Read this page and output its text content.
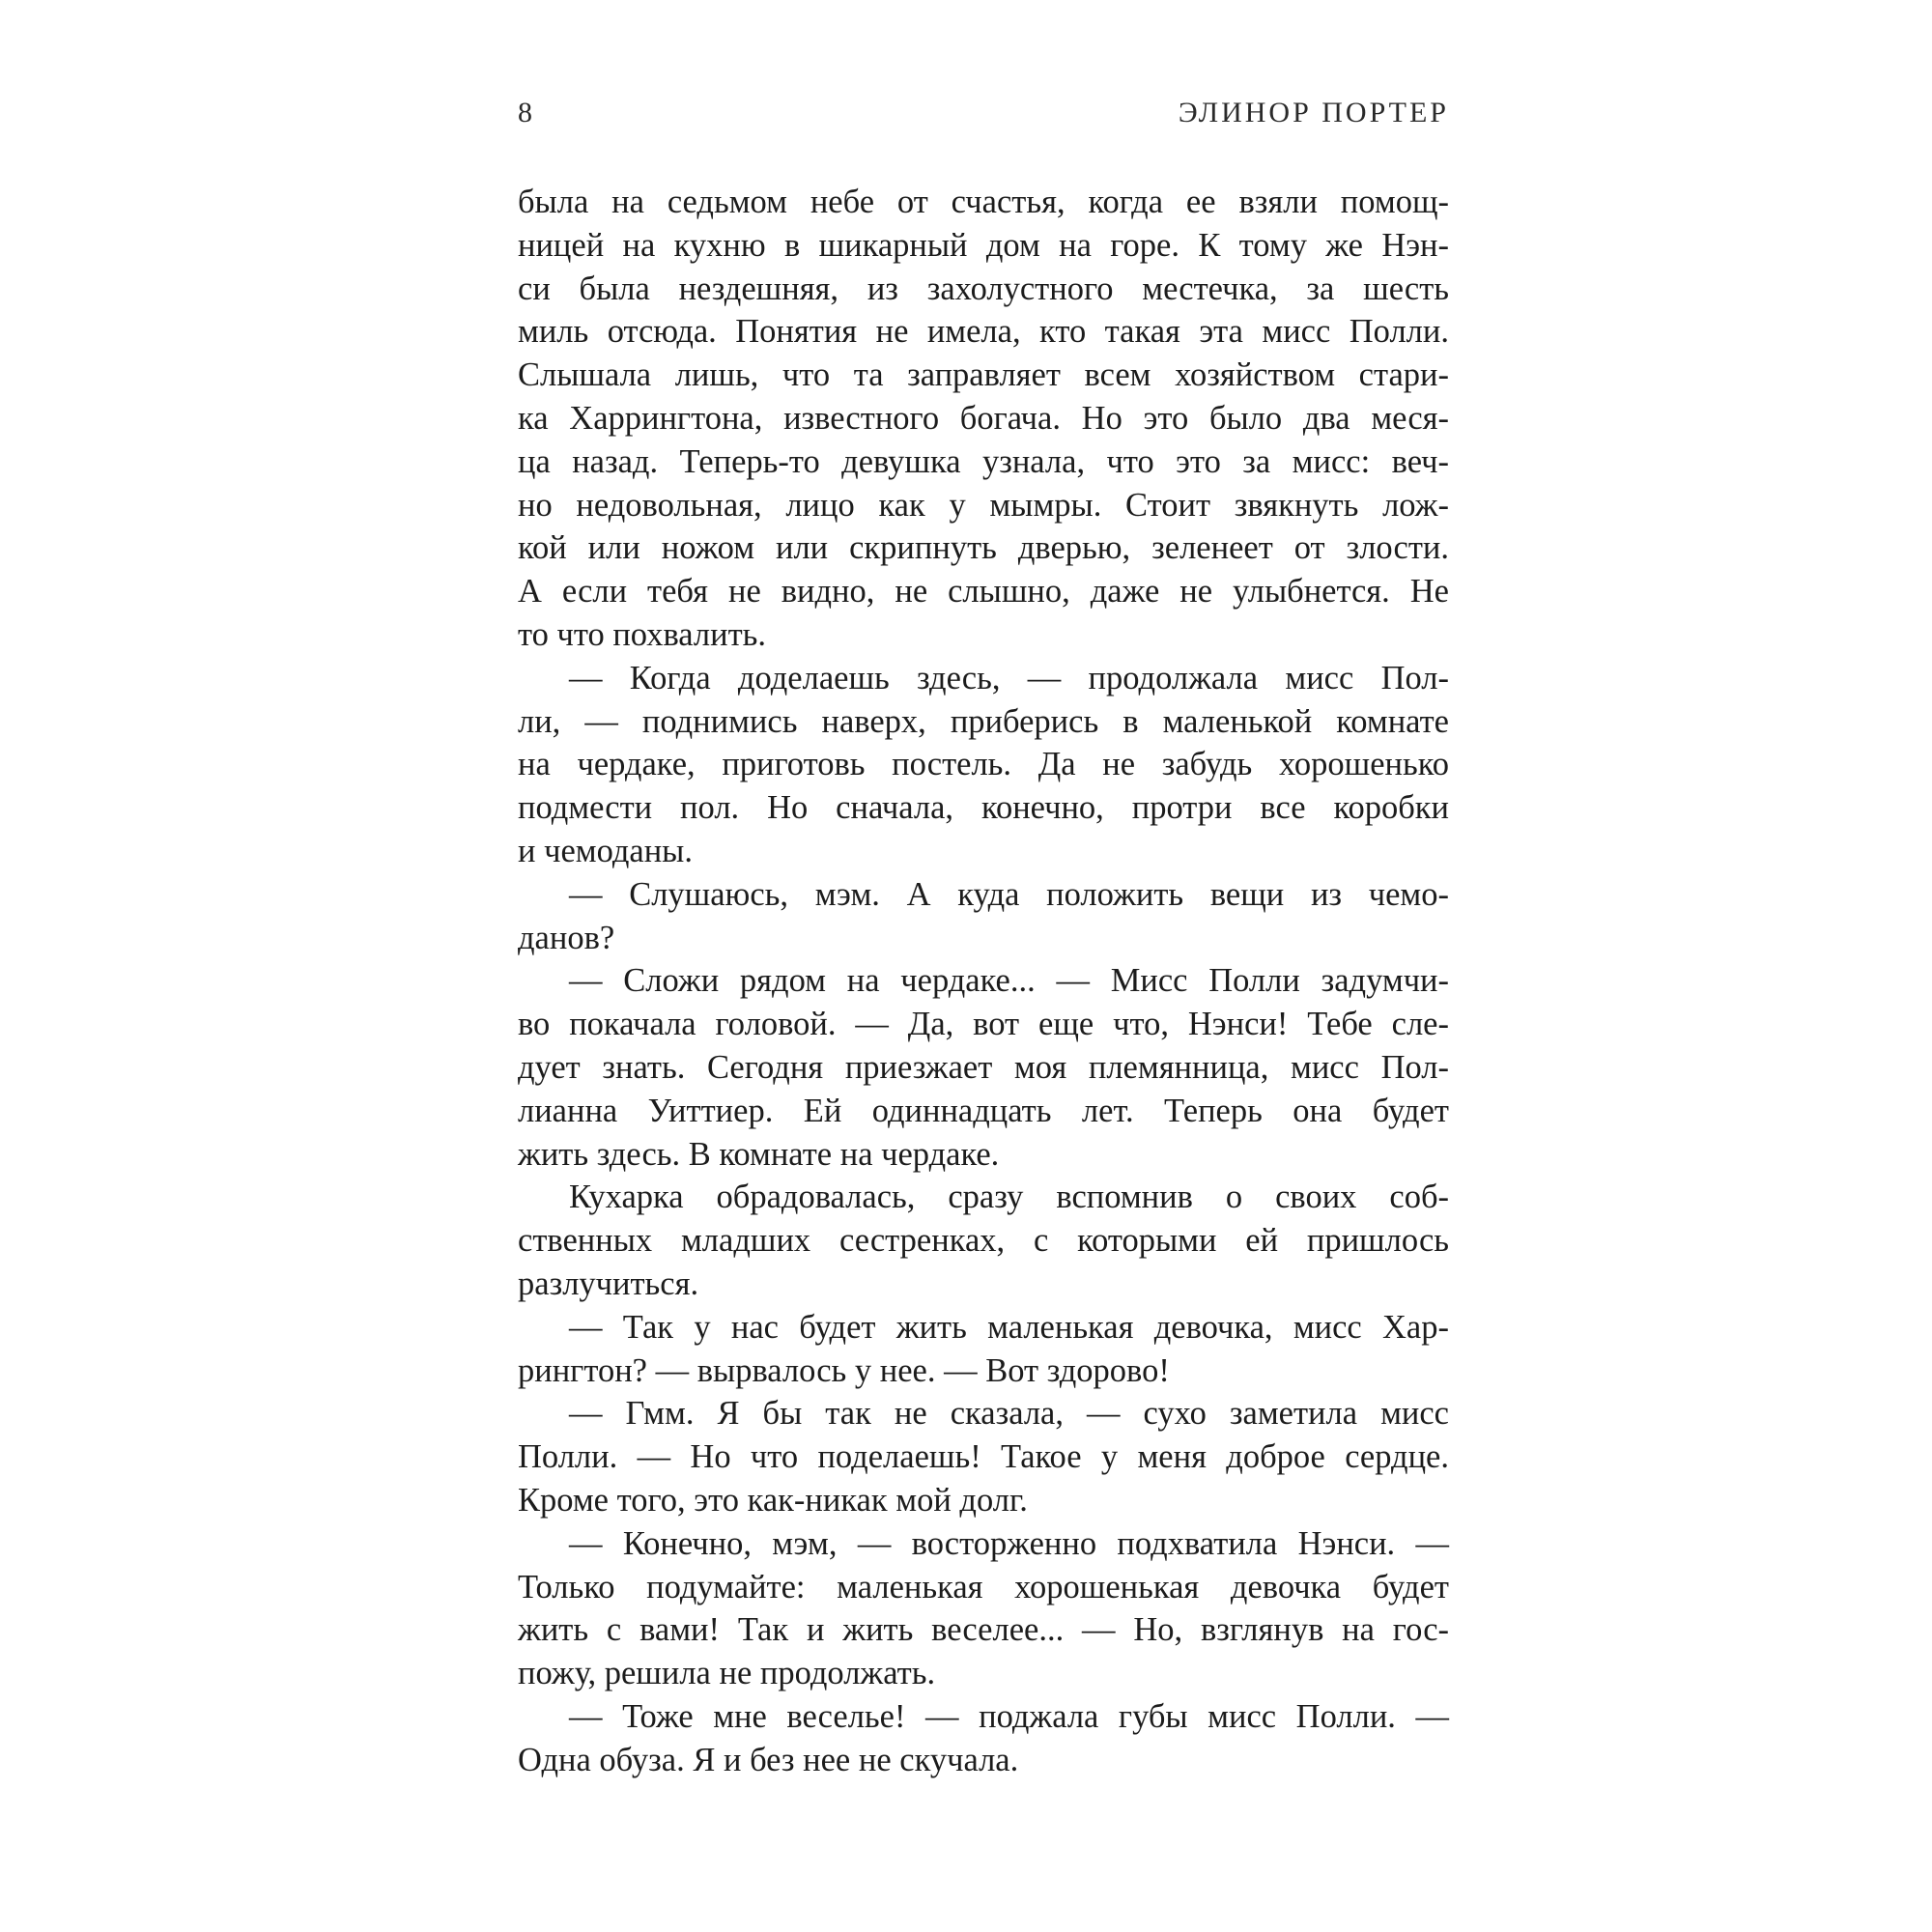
8	ЭЛИНОР ПОРТЕР
была на седьмом небе от счастья, когда ее взяли помощ-
ницей на кухню в шикарный дом на горе. К тому же Нэн-
си была нездешняя, из захолустного местечка, за шесть
миль отсюда. Понятия не имела, кто такая эта мисс Полли.
Слышала лишь, что та заправляет всем хозяйством стари-
ка Харрингтона, известного богача. Но это было два меся-
ца назад. Теперь-то девушка узнала, что это за мисс: веч-
но недовольная, лицо как у мымры. Стоит звякнуть лож-
кой или ножом или скрипнуть дверью, зеленеет от злости.
А если тебя не видно, не слышно, даже не улыбнется. Не
то что похвалить.
— Когда доделаешь здесь, — продолжала мисс Пол-
ли, — поднимись наверх, приберись в маленькой комнате
на чердаке, приготовь постель. Да не забудь хорошенько
подмести пол. Но сначала, конечно, протри все коробки
и чемоданы.
— Слушаюсь, мэм. А куда положить вещи из чемо-
данов?
— Сложи рядом на чердаке... — Мисс Полли задумчи-
во покачала головой. — Да, вот еще что, Нэнси! Тебе сле-
дует знать. Сегодня приезжает моя племянница, мисс Пол-
лианна Уиттиер. Ей одиннадцать лет. Теперь она будет
жить здесь. В комнате на чердаке.
Кухарка обрадовалась, сразу вспомнив о своих соб-
ственных младших сестренках, с которыми ей пришлось
разлучиться.
— Так у нас будет жить маленькая девочка, мисс Хар-
рингтон? — вырвалось у нее. — Вот здорово!
— Гмм. Я бы так не сказала, — сухо заметила мисс
Полли. — Но что поделаешь! Такое у меня доброе сердце.
Кроме того, это как-никак мой долг.
— Конечно, мэм, — восторженно подхватила Нэнси. —
Только подумайте: маленькая хорошенькая девочка будет
жить с вами! Так и жить веселее... — Но, взглянув на гос-
пожу, решила не продолжать.
— Тоже мне веселье! — поджала губы мисс Полли. —
Одна обуза. Я и без нее не скучала.
